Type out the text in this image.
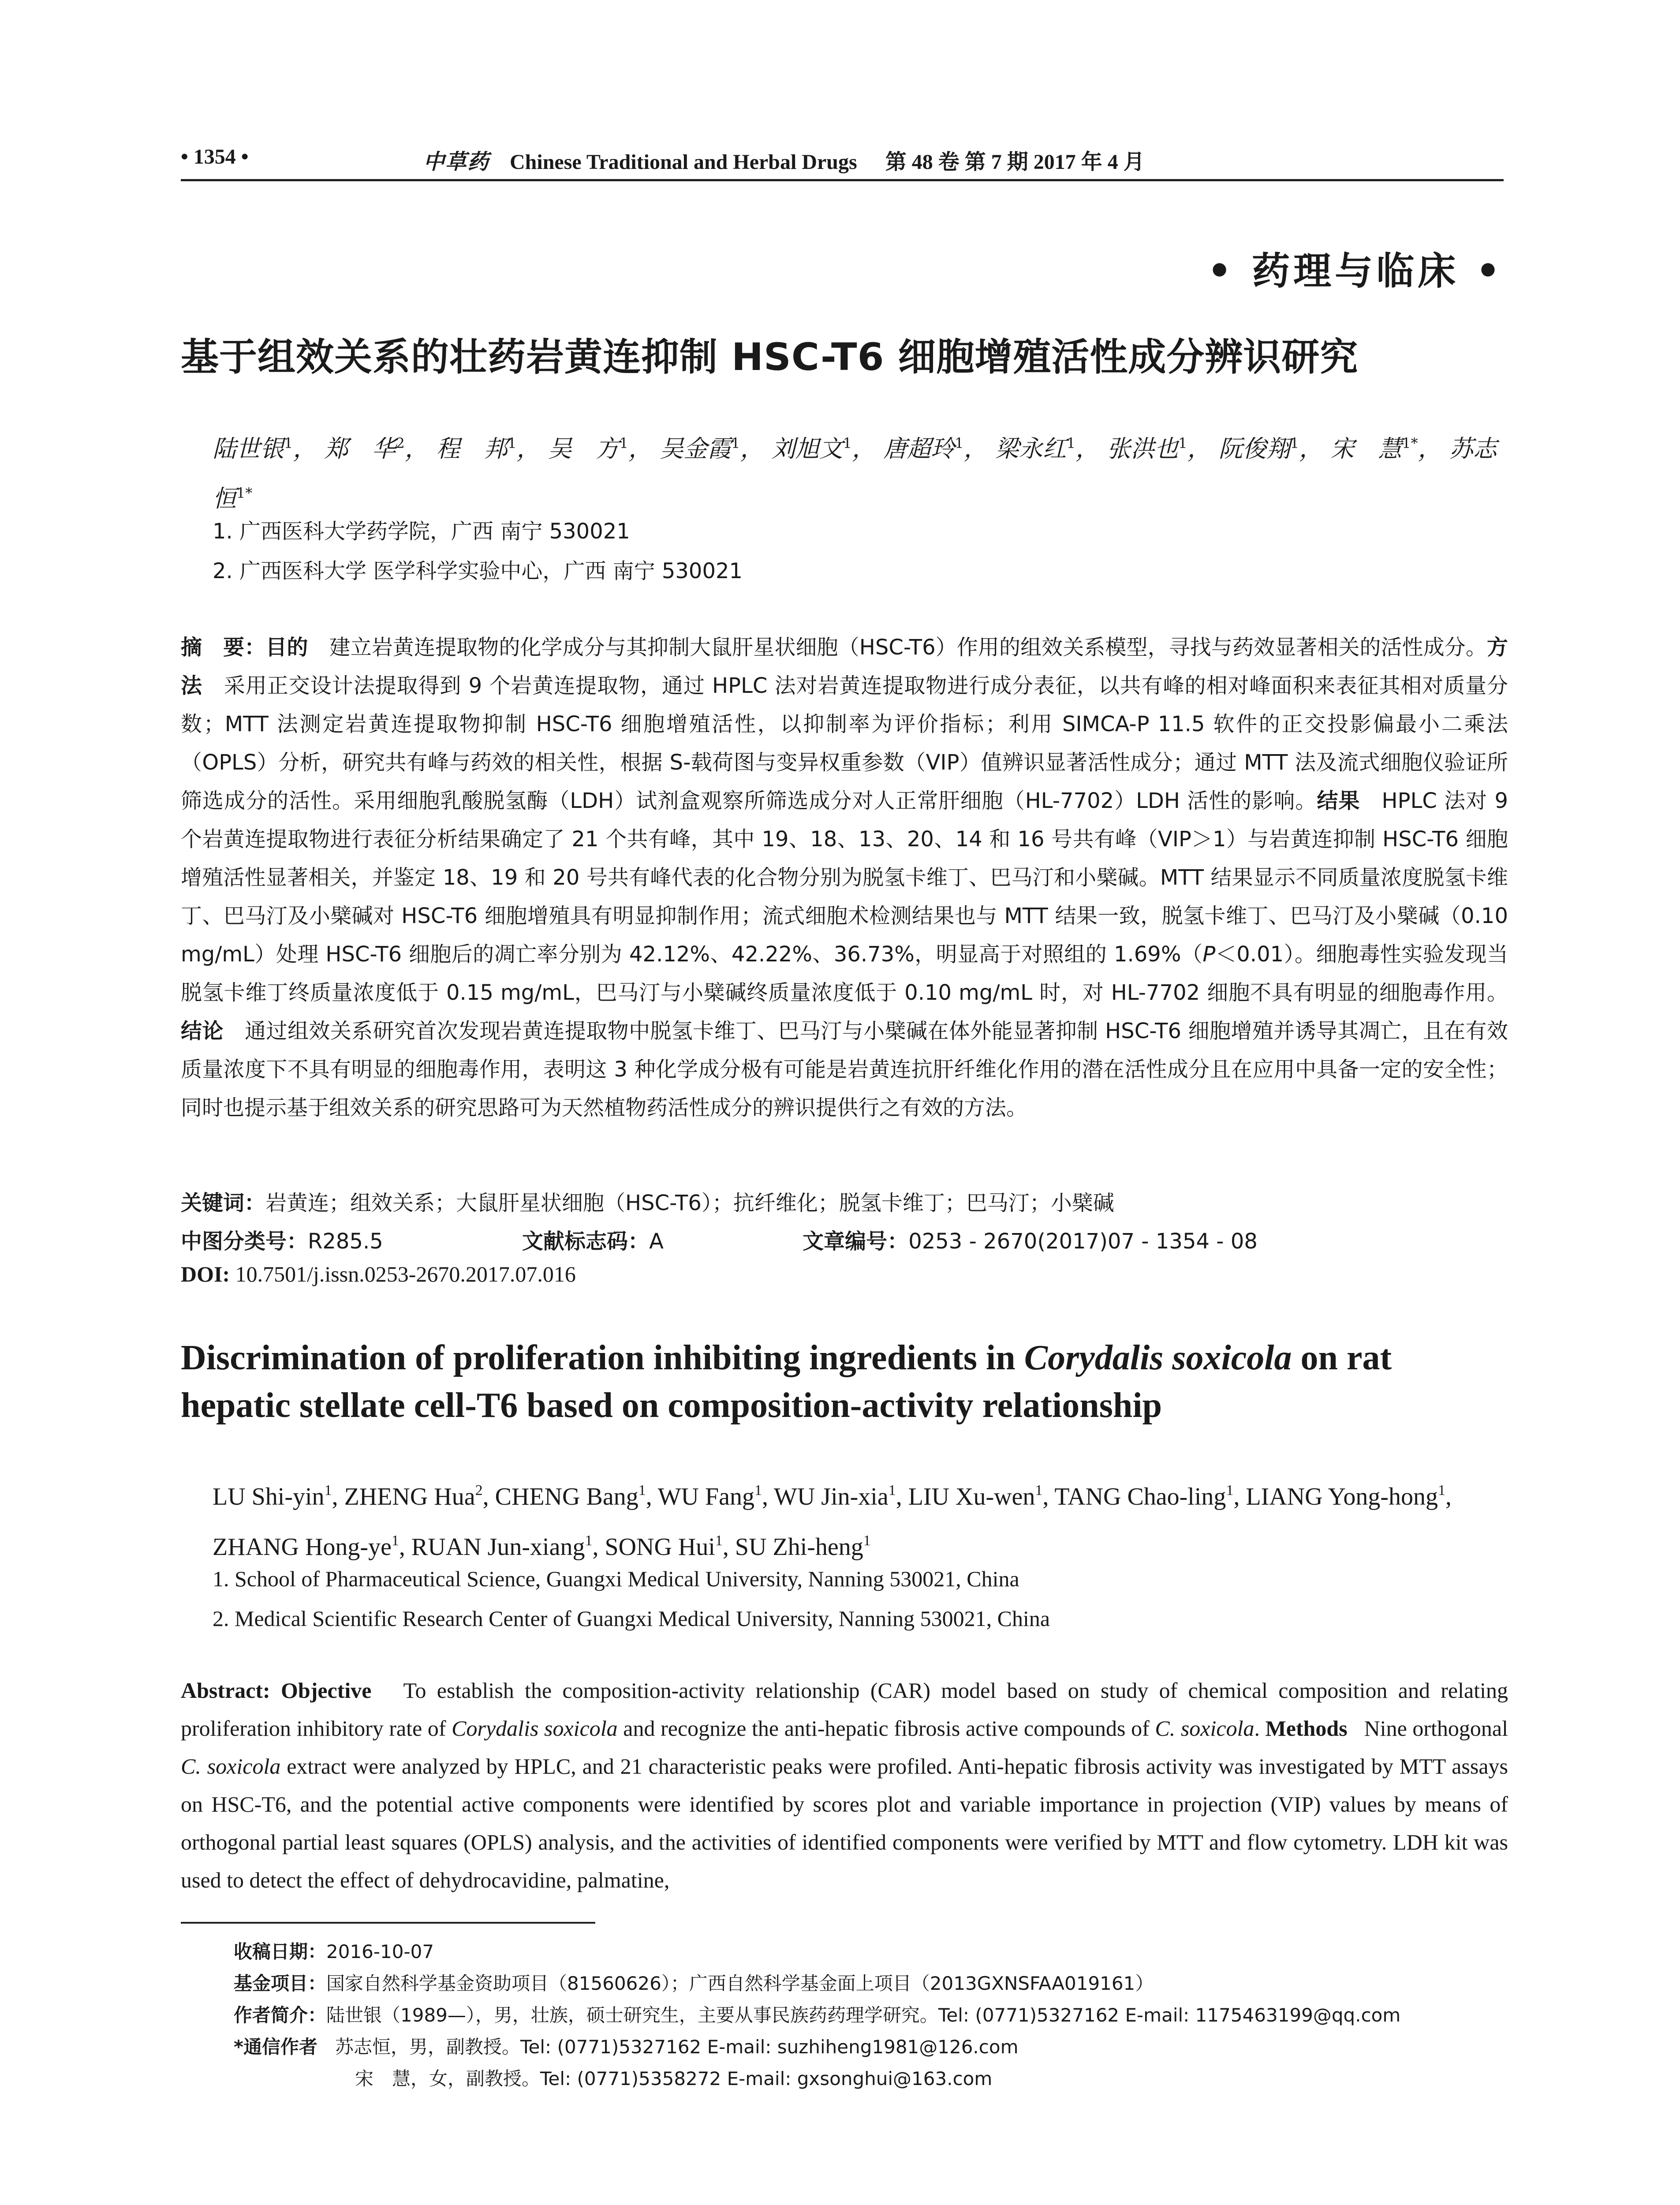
• 1354 •	中草药 Chinese Traditional and Herbal Drugs 第 48 卷 第 7 期 2017 年 4 月
• 药理与临床 •
基于组效关系的壮药岩黄连抑制 HSC-T6 细胞增殖活性成分辨识研究
陆世银$^1$， 郑　华$^2$， 程　邦$^1$， 吴　方$^1$， 吴金霞$^1$， 刘旭文$^1$， 唐超玲$^1$， 梁永红$^1$， 张洪也$^1$， 阮俊翔$^1$， 宋　慧$^{1*}$， 苏志恒$^{1*}$
1. 广西医科大学药学院，广西 南宁 530021
2. 广西医科大学 医学科学实验中心，广西 南宁 530021
摘　要：目的　 建立岩黄连提取物的化学成分与其抑制大鼠肝星状细胞（HSC-T6）作用的组效关系模型，寻找与药效显著相关的活性成分。方法　 采用正交设计法提取得到 9 个岩黄连提取物，通过 HPLC 法对岩黄连提取物进行成分表征，以共有峰的相对峰面积来表征其相对质量分数；MTT 法测定岩黄连提取物抑制 HSC-T6 细胞增殖活性，以抑制率为评价指标；利用 SIMCA-P 11.5 软件的正交投影偏最小二乘法（OPLS）分析，研究共有峰与药效的相关性，根据 S-载荷图与变异权重参数（VIP）值辨识显著活性成分；通过 MTT 法及流式细胞仪验证所筛选成分的活性。采用细胞乳酸脱氢酶（LDH）试剂盒观察所筛选成分对人正常肝细胞（HL-7702）LDH 活性的影响。结果　 HPLC 法对 9 个岩黄连提取物进行表征分析结果确定了 21 个共有峰，其中 19、18、13、20、14 和 16 号共有峰（VIP＞1）与岩黄连抑制 HSC-T6 细胞增殖活性显著相关，并鉴定 18、19 和 20 号共有峰代表的化合物分别为脱氢卡维丁、巴马汀和小檗碱。MTT 结果显示不同质量浓度脱氢卡维丁、巴马汀及小檗碱对 HSC-T6 细胞增殖具有明显抑制作用；流式细胞术检测结果也与 MTT 结果一致，脱氢卡维丁、巴马汀及小檗碱（0.10 mg/mL）处理 HSC-T6 细胞后的凋亡率分别为 42.12%、42.22%、36.73%，明显高于对照组的 1.69%（P＜0.01）。细胞毒性实验发现当脱氢卡维丁终质量浓度低于 0.15 mg/mL，巴马汀与小檗碱终质量浓度低于 0.10 mg/mL 时，对 HL-7702 细胞不具有明显的细胞毒作用。结论　 通过组效关系研究首次发现岩黄连提取物中脱氢卡维丁、巴马汀与小檗碱在体外能显著抑制 HSC-T6 细胞增殖并诱导其凋亡，且在有效质量浓度下不具有明显的细胞毒作用，表明这 3 种化学成分极有可能是岩黄连抗肝纤维化作用的潜在活性成分且在应用中具备一定的安全性；同时也提示基于组效关系的研究思路可为天然植物药活性成分的辨识提供行之有效的方法。
关键词：岩黄连；组效关系；大鼠肝星状细胞（HSC-T6）；抗纤维化；脱氢卡维丁；巴马汀；小檗碱
中图分类号：R285.5	文献标志码：A	文章编号：0253 - 2670(2017)07 - 1354 - 08
DOI: 10.7501/j.issn.0253-2670.2017.07.016
Discrimination of proliferation inhibiting ingredients in Corydalis soxicola on rat hepatic stellate cell-T6 based on composition-activity relationship
LU Shi-yin$^1$, ZHENG Hua$^2$, CHENG Bang$^1$, WU Fang$^1$, WU Jin-xia$^1$, LIU Xu-wen$^1$, TANG Chao-ling$^1$, LIANG Yong-hong$^1$, ZHANG Hong-$ye^1$, RUAN Jun-xiang$^1$, SONG Hui$^1$, SU Zhi-heng$^1$
1. School of Pharmaceutical Science, Guangxi Medical University, Nanning 530021, China
2. Medical Scientific Research Center of Guangxi Medical University, Nanning 530021, China
Abstract: Objective To establish the composition-activity relationship (CAR) model based on study of chemical composition and relating proliferation inhibitory rate of Corydalis soxicola and recognize the anti-hepatic fibrosis active compounds of C. soxicola. Methods Nine orthogonal C. soxicola extract were analyzed by HPLC, and 21 characteristic peaks were profiled. Anti-hepatic fibrosis activity was investigated by MTT assays on HSC-T6, and the potential active components were identified by scores plot and variable importance in projection (VIP) values by means of orthogonal partial least squares (OPLS) analysis, and the activities of identified components were verified by MTT and flow cytometry. LDH kit was used to detect the effect of dehydrocavidine, palmatine,
收稿日期：2016-10-07
基金项目：国家自然科学基金资助项目（81560626）；广西自然科学基金面上项目（2013GXNSFAA019161）
作者简介：陆世银（1989—），男，壮族，硕士研究生，主要从事民族药药理学研究。Tel: (0771)5327162 E-mail: 1175463199@qq.com
*通信作者 苏志恒，男，副教授。Tel: (0771)5327162 E-mail: suzhiheng1981@126.com
宋　慧，女，副教授。Tel: (0771)5358272 E-mail: gxsonghui@163.com
